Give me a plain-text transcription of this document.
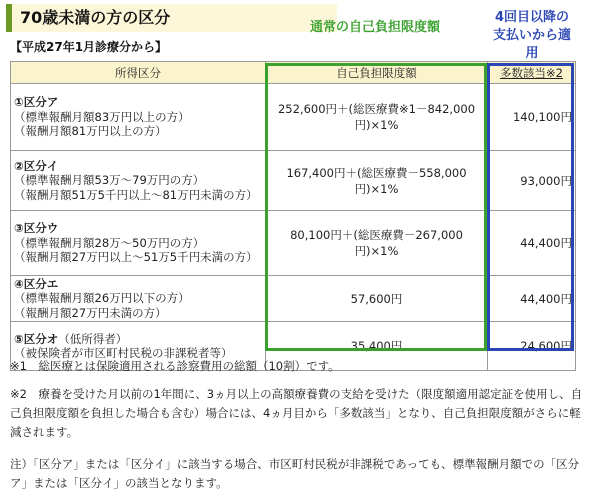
70歳未満の方の区分
【平成27年1月診療分から】
通常の自己負担限度額
4回目以降の
支払いから適用
所得区分	自己負担限度額	多数該当※2
①区分ア
（標準報酬月額83万円以上の方）
（報酬月額81万円以上の方）	252,600円＋(総医療費※1－842,000
円)×1%	140,100円
②区分イ
（標準報酬月額53万～79万円の方）
（報酬月額51万5千円以上～81万円未満の方）	167,400円＋(総医療費－558,000
円)×1%	93,000円
③区分ウ
（標準報酬月額28万～50万円の方）
（報酬月額27万円以上～51万5千円未満の方）	80,100円＋(総医療費－267,000
円)×1%	44,400円
④区分エ
（標準報酬月額26万円以下の方）
（報酬月額27万円未満の方）	57,600円	44,400円
⑤区分オ（低所得者）
（被保険者が市区町村民税の非課税者等）	35,400円	24,600円
※1　総医療とは保険適用される診察費用の総額（10割）です。
※2　療養を受けた月以前の1年間に、3ヵ月以上の高額療養費の支給を受けた（限度額適用認定証を使用し、自己負担限度額を負担した場合も含む）場合には、4ヵ月目から「多数該当」となり、自己負担限度額がさらに軽減されます。
注）「区分ア」または「区分イ」に該当する場合、市区町村民税が非課税であっても、標準報酬月額での「区分ア」または「区分イ」の該当となります。
